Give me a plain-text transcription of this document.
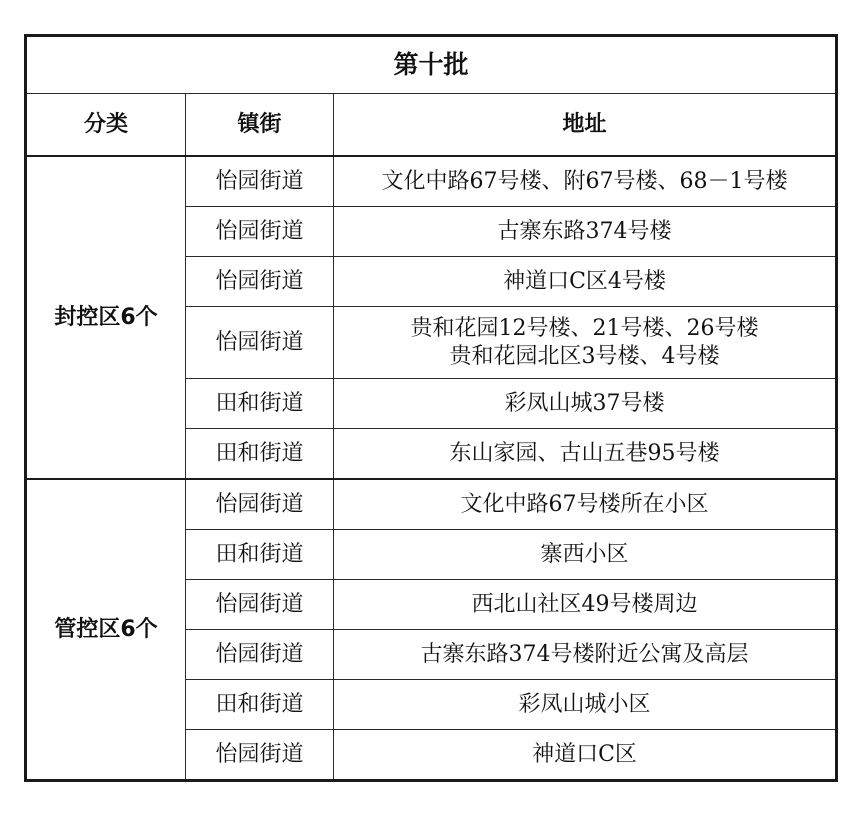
第十批		
分类	镇街	地址
封控区6个	怡园街道	文化中路67号楼、附67号楼、68－1号楼

	怡园街道	古寨东路374号楼

	怡园街道	神道口C区4号楼

	怡园街道	贵和花园12号楼、21号楼、26号楼
贵和花园北区3号楼、4号楼

	田和街道	彩凤山城37号楼

	田和街道	东山家园、古山五巷95号楼

管控区6个	怡园街道	文化中路67号楼所在小区

	田和街道	寨西小区

	怡园街道	西北山社区49号楼周边

	怡园街道	古寨东路374号楼附近公寓及高层

	田和街道	彩凤山城小区

	怡园街道	神道口C区
